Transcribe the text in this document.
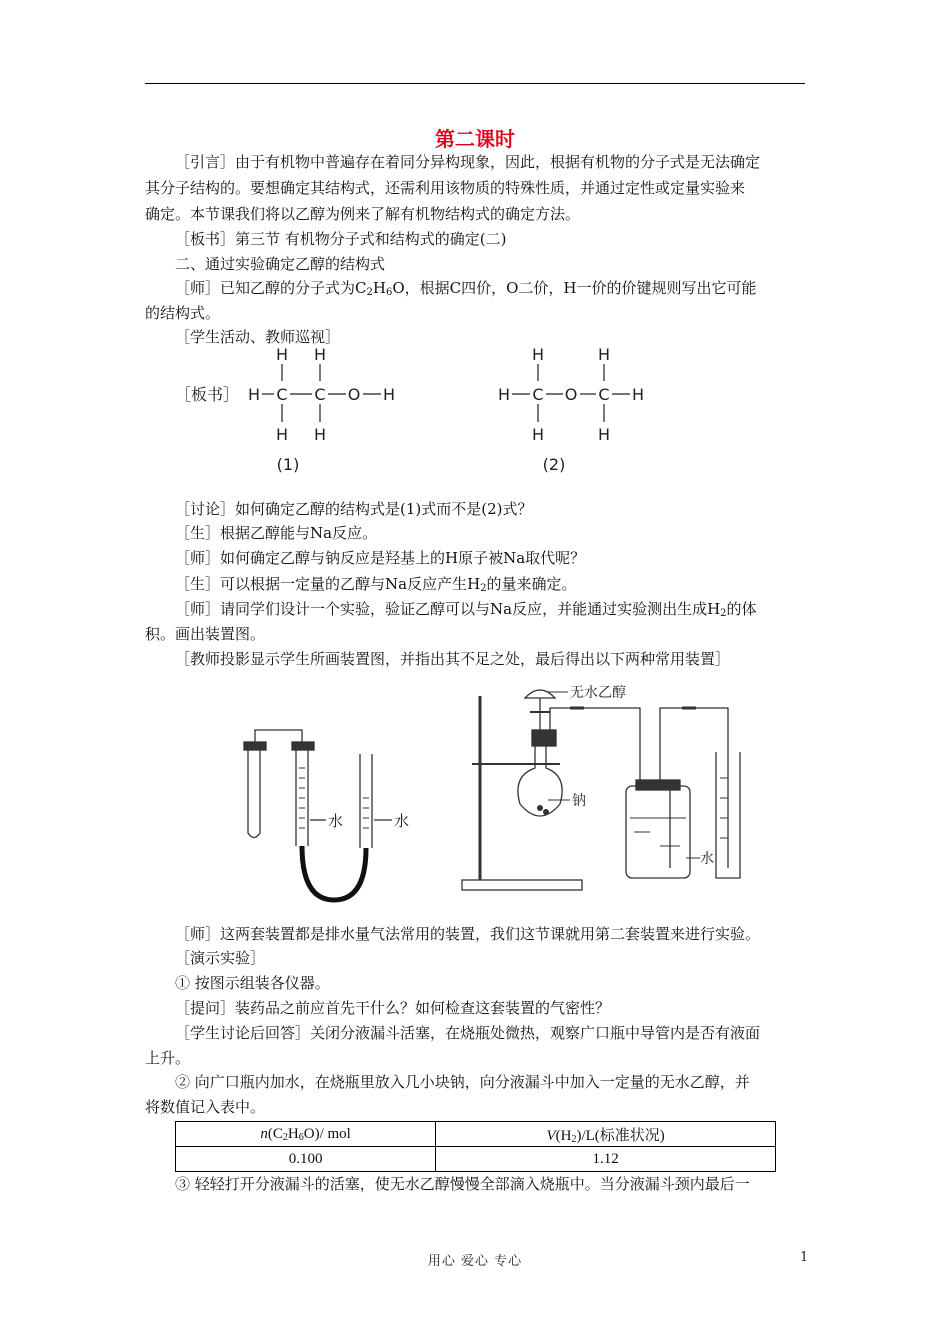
第二课时
［引言］由于有机物中普遍存在着同分异构现象，因此，根据有机物的分子式是无法确定
其分子结构的。要想确定其结构式，还需利用该物质的特殊性质，并通过定性或定量实验来
确定。本节课我们将以乙醇为例来了解有机物结构式的确定方法。
［板书］第三节 有机物分子式和结构式的确定(二)
二、通过实验确定乙醇的结构式
［师］已知乙醇的分子式为$C_2H_6O$，根据C四价，O二价，H一价的价键规则写出它可能
的结构式。
［学生活动、教师巡视］
［板书］
H H
H C C O H
H H
(1)
H	H
H C O C H
H	H
(2)
［讨论］如何确定乙醇的结构式是(1)式而不是(2)式？
［生］根据乙醇能与Na反应。
［师］如何确定乙醇与钠反应是羟基上的H原子被Na取代呢？
［生］可以根据一定量的乙醇与Na反应产生$H_2$的量来确定。
［师］请同学们设计一个实验，验证乙醇可以与Na反应，并能通过实验测出生成$H_2$的体
积。画出装置图。
［教师投影显示学生所画装置图，并指出其不足之处，最后得出以下两种常用装置］
水	水
无水乙醇
钠
水
［师］这两套装置都是排水量气法常用的装置，我们这节课就用第二套装置来进行实验。
［演示实验］
① 按图示组装各仪器。
［提问］装药品之前应首先干什么？如何检查这套装置的气密性？
［学生讨论后回答］关闭分液漏斗活塞，在烧瓶处微热，观察广口瓶中导管内是否有液面
上升。
② 向广口瓶内加水，在烧瓶里放入几小块钠，向分液漏斗中加入一定量的无水乙醇，并
将数值记入表中。
$n(C_2H_6O)/$ mol	$V(H_2)/L$(标准状况)
0.100	1.12
③ 轻轻打开分液漏斗的活塞，使无水乙醇慢慢全部滴入烧瓶中。当分液漏斗颈内最后一
用心 爱心 专心	1
